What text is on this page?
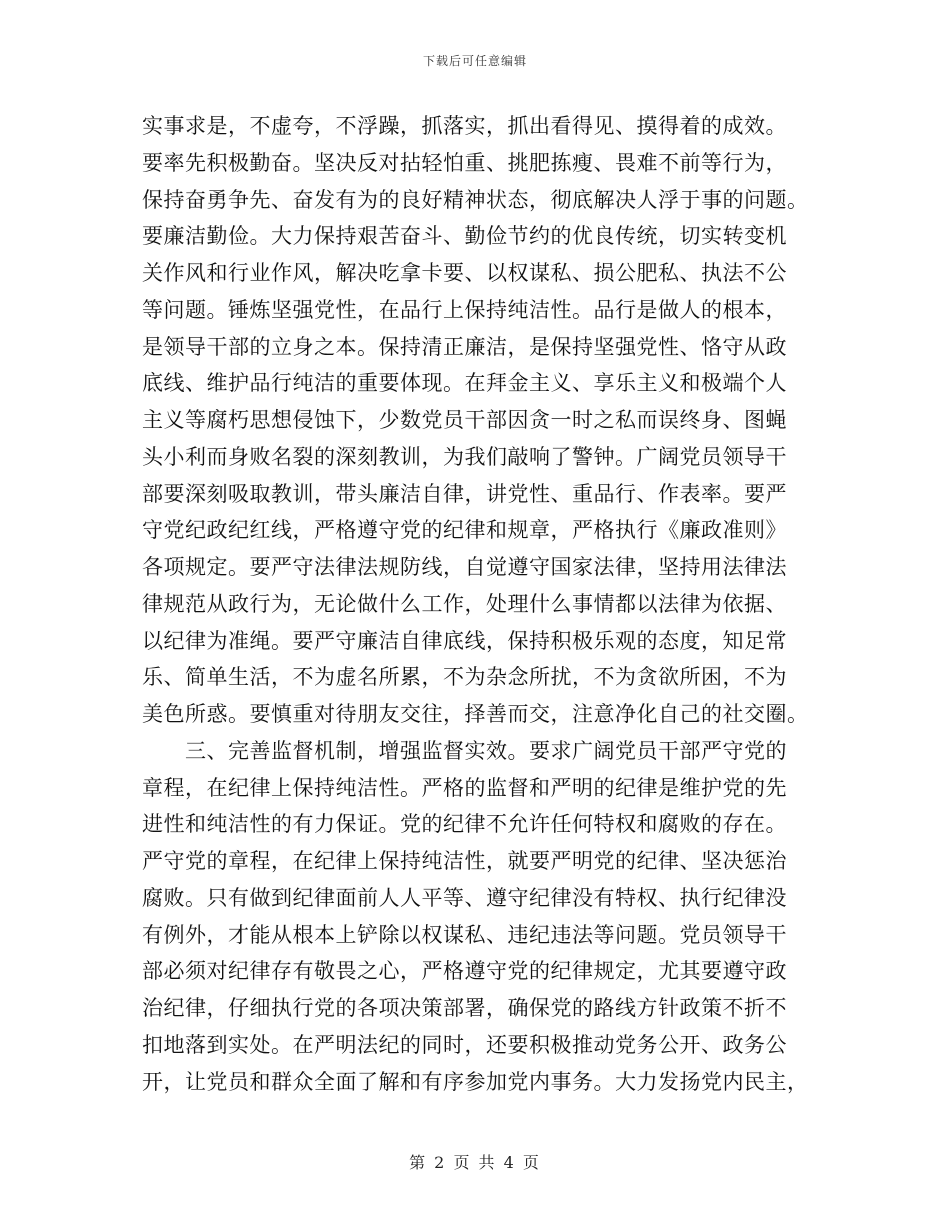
下载后可任意编辑
实事求是，不虚夸，不浮躁，抓落实，抓出看得见、摸得着的成效。
要率先积极勤奋。坚决反对拈轻怕重、挑肥拣瘦、畏难不前等行为，
保持奋勇争先、奋发有为的良好精神状态，彻底解决人浮于事的问题。
要廉洁勤俭。大力保持艰苦奋斗、勤俭节约的优良传统，切实转变机
关作风和行业作风，解决吃拿卡要、以权谋私、损公肥私、执法不公
等问题。锤炼坚强党性，在品行上保持纯洁性。品行是做人的根本，
是领导干部的立身之本。保持清正廉洁，是保持坚强党性、恪守从政
底线、维护品行纯洁的重要体现。在拜金主义、享乐主义和极端个人
主义等腐朽思想侵蚀下，少数党员干部因贪一时之私而误终身、图蝇
头小利而身败名裂的深刻教训，为我们敲响了警钟。广阔党员领导干
部要深刻吸取教训，带头廉洁自律，讲党性、重品行、作表率。要严
守党纪政纪红线，严格遵守党的纪律和规章，严格执行《廉政准则》
各项规定。要严守法律法规防线，自觉遵守国家法律，坚持用法律法
律规范从政行为，无论做什么工作，处理什么事情都以法律为依据、
以纪律为准绳。要严守廉洁自律底线，保持积极乐观的态度，知足常
乐、简单生活，不为虚名所累，不为杂念所扰，不为贪欲所困，不为
美色所惑。要慎重对待朋友交往，择善而交，注意净化自己的社交圈。
　　三、完善监督机制，增强监督实效。要求广阔党员干部严守党的
章程，在纪律上保持纯洁性。严格的监督和严明的纪律是维护党的先
进性和纯洁性的有力保证。党的纪律不允许任何特权和腐败的存在。
严守党的章程，在纪律上保持纯洁性，就要严明党的纪律、坚决惩治
腐败。只有做到纪律面前人人平等、遵守纪律没有特权、执行纪律没
有例外，才能从根本上铲除以权谋私、违纪违法等问题。党员领导干
部必须对纪律存有敬畏之心，严格遵守党的纪律规定，尤其要遵守政
治纪律，仔细执行党的各项决策部署，确保党的路线方针政策不折不
扣地落到实处。在严明法纪的同时，还要积极推动党务公开、政务公
开，让党员和群众全面了解和有序参加党内事务。大力发扬党内民主，
第 2 页 共 4 页
